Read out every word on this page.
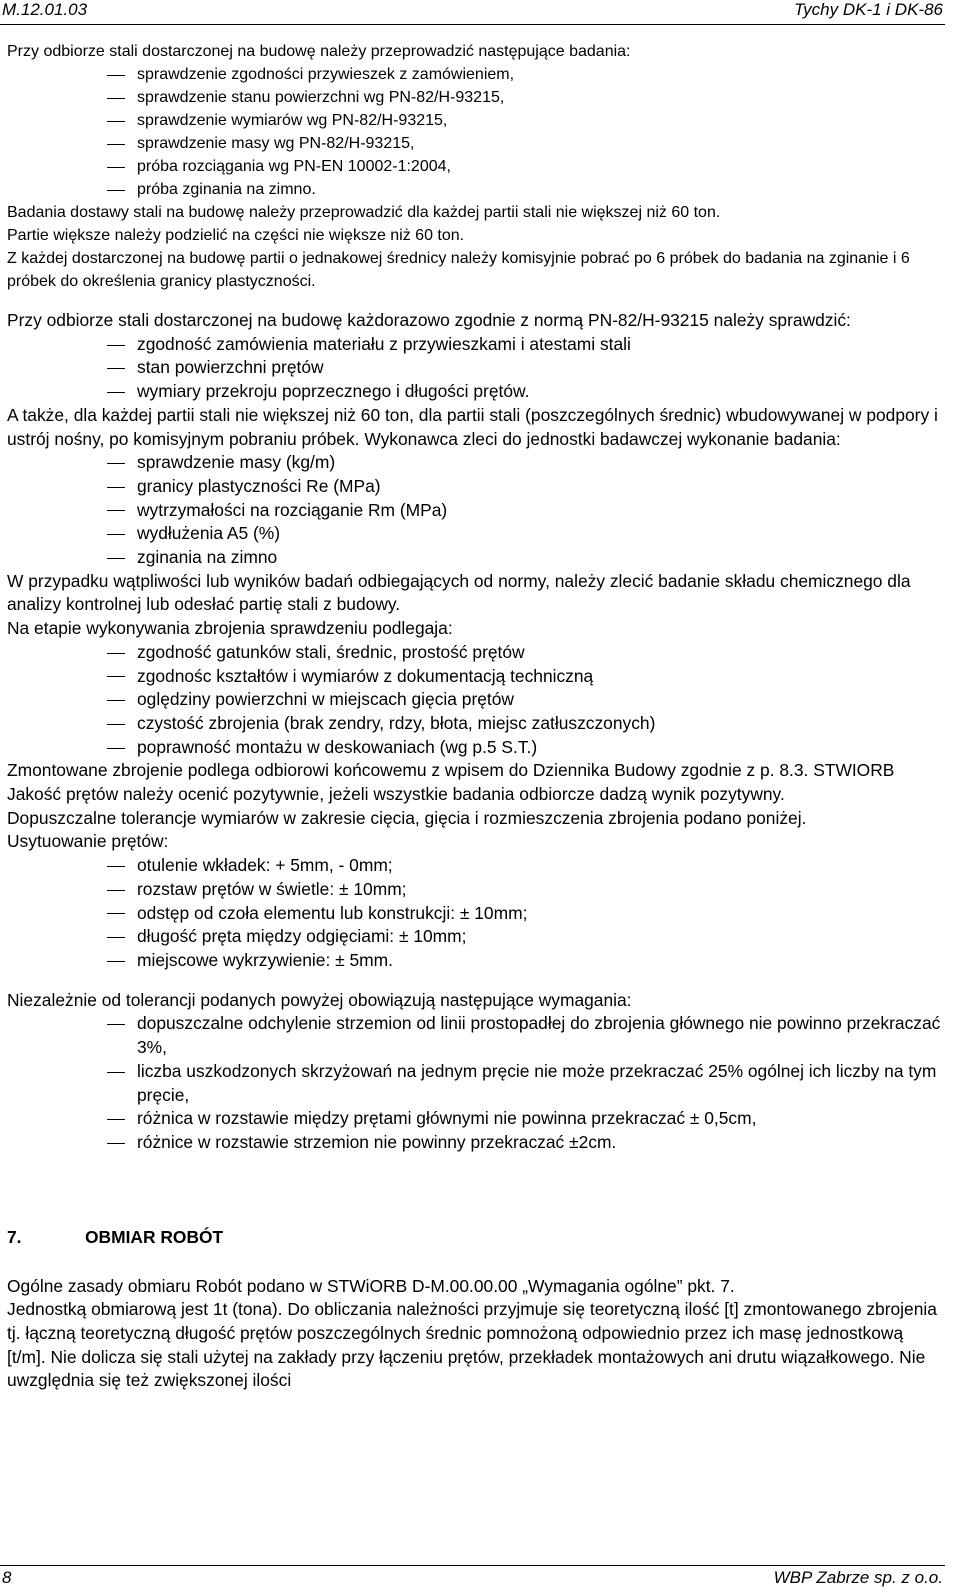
M.12.01.03	Tychy DK-1 i DK-86

Przy odbiorze stali dostarczonej na budowę należy przeprowadzić następujące badania:

sprawdzenie zgodności przywieszek z zamówieniem,
sprawdzenie stanu powierzchni wg PN-82/H-93215,
sprawdzenie wymiarów wg PN-82/H-93215,
sprawdzenie masy wg PN-82/H-93215,
próba rozciągania wg PN-EN 10002-1:2004,
próba zginania na zimno.

Badania dostawy stali na budowę należy przeprowadzić dla każdej partii stali nie większej niż 60 ton.

Partie większe należy podzielić na części nie większe niż 60 ton.

Z każdej dostarczonej na budowę partii o jednakowej średnicy należy komisyjnie pobrać po 6 próbek do badania na zginanie i 6 próbek do określenia granicy plastyczności.

Przy odbiorze stali dostarczonej na budowę każdorazowo zgodnie z normą PN-82/H-93215 należy sprawdzić:

zgodność zamówienia materiału z przywieszkami i atestami stali
stan powierzchni prętów
wymiary przekroju poprzecznego i długości prętów.

A także, dla każdej partii stali nie większej niż 60 ton, dla partii stali (poszczególnych średnic) wbudowywanej w podpory i ustrój nośny, po komisyjnym pobraniu próbek. Wykonawca zleci do jednostki badawczej wykonanie badania:

sprawdzenie masy (kg/m)
granicy plastyczności Re (MPa)
wytrzymałości na rozciąganie Rm (MPa)
wydłużenia A5 (%)
zginania na zimno

W przypadku wątpliwości lub wyników badań odbiegających od normy, należy zlecić badanie składu chemicznego dla analizy kontrolnej lub odesłać partię stali z budowy.

Na etapie wykonywania zbrojenia sprawdzeniu podlegaja:

zgodność gatunków stali, średnic, prostość prętów
zgodnośc kształtów i wymiarów z dokumentacją techniczną
oględziny powierzchni w miejscach gięcia prętów
czystość zbrojenia (brak zendry, rdzy, błota, miejsc zatłuszczonych)
poprawność montażu w deskowaniach (wg p.5 S.T.)

Zmontowane zbrojenie podlega odbiorowi końcowemu z wpisem do Dziennika Budowy zgodnie z p. 8.3. STWIORB

Jakość prętów należy ocenić pozytywnie, jeżeli wszystkie badania odbiorcze dadzą wynik pozytywny.

Dopuszczalne tolerancje wymiarów w zakresie cięcia, gięcia i rozmieszczenia zbrojenia podano poniżej.

Usytuowanie prętów:

otulenie wkładek: + 5mm, - 0mm;
rozstaw prętów w świetle: ± 10mm;
odstęp od czoła elementu lub konstrukcji: ± 10mm;
długość pręta między odgięciami: ± 10mm;
miejscowe wykrzywienie: ± 5mm.

Niezależnie od tolerancji podanych powyżej obowiązują następujące wymagania:

dopuszczalne odchylenie strzemion od linii prostopadłej do zbrojenia głównego nie powinno przekraczać 3%,
liczba uszkodzonych skrzyżowań na jednym pręcie nie może przekraczać 25% ogólnej ich liczby na tym pręcie,
różnica w rozstawie między prętami głównymi nie powinna przekraczać ± 0,5cm,
różnice w rozstawie strzemion nie powinny przekraczać ±2cm.
7.	OBMIAR ROBÓT

Ogólne zasady obmiaru Robót podano w STWiORB D-M.00.00.00 „Wymagania ogólne” pkt. 7.

Jednostką obmiarową jest 1t (tona). Do obliczania należności przyjmuje się teoretyczną ilość [t] zmontowanego zbrojenia tj. łączną teoretyczną długość prętów poszczególnych średnic pomnożoną odpowiednio przez ich masę jednostkową [t/m]. Nie dolicza się stali użytej na zakłady przy łączeniu prętów, przekładek montażowych ani drutu wiązałkowego. Nie uwzględnia się też zwiększonej ilości

8	WBP Zabrze sp. z o.o.
